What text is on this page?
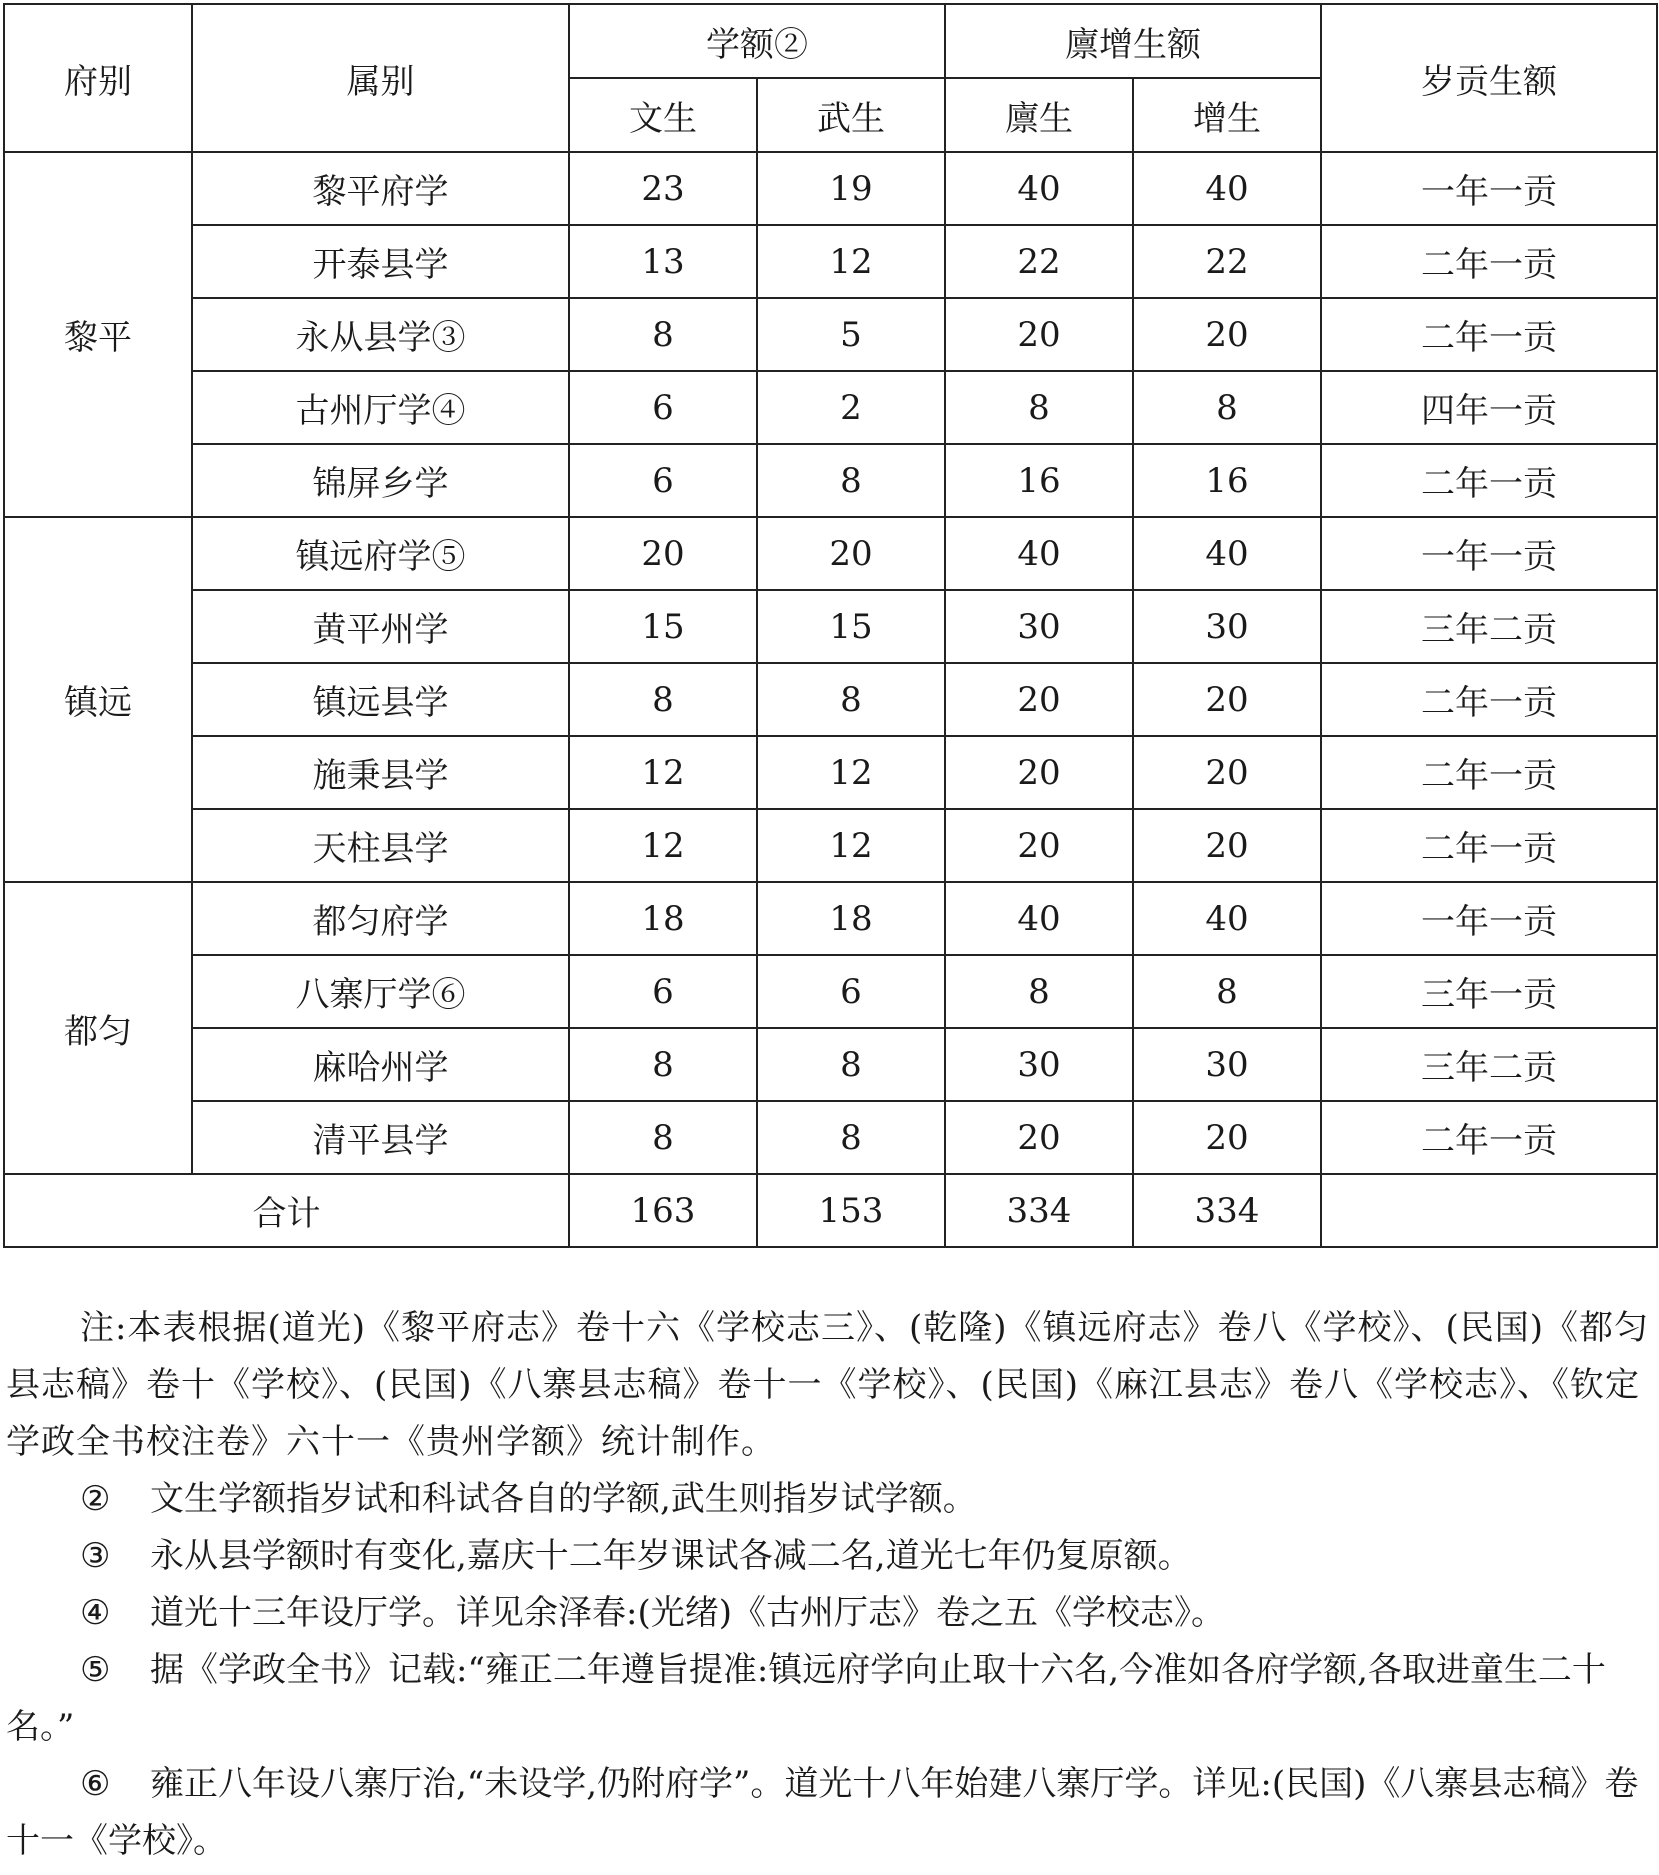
府别	属别	学额②		廪增生额		岁贡生额
		文生	武生	廪生	增生	
黎平	黎平府学	23	19	40	40	一年一贡
	开泰县学	13	12	22	22	二年一贡
	永从县学③	8	5	20	20	二年一贡
	古州厅学④	6	2	8	8	四年一贡
	锦屏乡学	6	8	16	16	二年一贡
镇远	镇远府学⑤	20	20	40	40	一年一贡
	黄平州学	15	15	30	30	三年二贡
	镇远县学	8	8	20	20	二年一贡
	施秉县学	12	12	20	20	二年一贡
	天柱县学	12	12	20	20	二年一贡
都匀	都匀府学	18	18	40	40	一年一贡
	八寨厅学⑥	6	6	8	8	三年一贡
	麻哈州学	8	8	30	30	三年二贡
	清平县学	8	8	20	20	二年一贡
合计		163	153	334	334	

注:本表根据(道光)《黎平府志》卷十六《学校志三》、(乾隆)《镇远府志》卷八《学校》、(民国)《都匀县志稿》卷十《学校》、(民国)《八寨县志稿》卷十一《学校》、(民国)《麻江县志》卷八《学校志》、《钦定学政全书校注卷》六十一《贵州学额》统计制作。

② 文生学额指岁试和科试各自的学额,武生则指岁试学额。

③ 永从县学额时有变化,嘉庆十二年岁课试各减二名,道光七年仍复原额。

④ 道光十三年设厅学。详见余泽春:(光绪)《古州厅志》卷之五《学校志》。

⑤ 据《学政全书》记载:“雍正二年遵旨提准:镇远府学向止取十六名,今准如各府学额,各取进童生二十名。”

⑥ 雍正八年设八寨厅治,“未设学,仍附府学”。道光十八年始建八寨厅学。详见:(民国)《八寨县志稿》卷十一《学校》。
